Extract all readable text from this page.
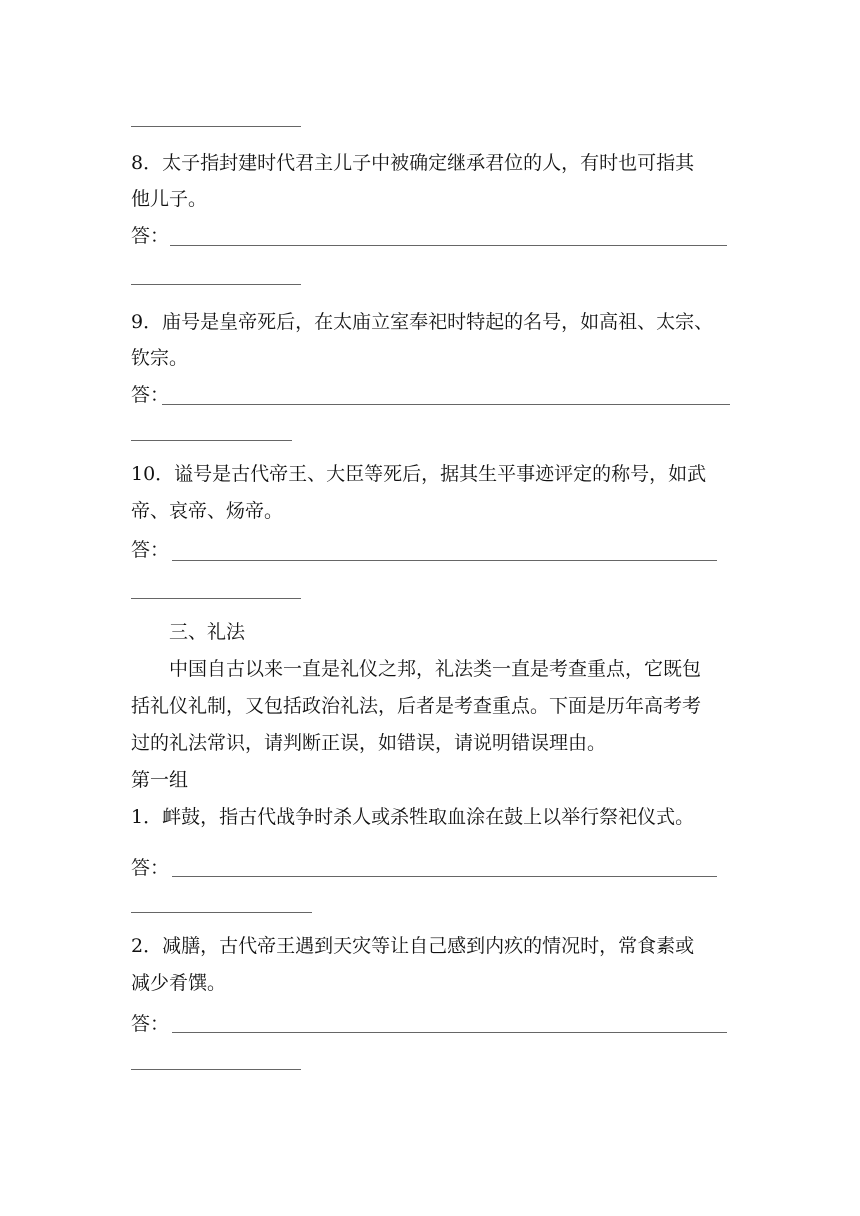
8．太子指封建时代君主儿子中被确定继承君位的人，有时也可指其

他儿子。

答：

9．庙号是皇帝死后，在太庙立室奉祀时特起的名号，如高祖、太宗、

钦宗。

答：

10．谥号是古代帝王、大臣等死后，据其生平事迹评定的称号，如武

帝、哀帝、炀帝。

答：

三、礼法

中国自古以来一直是礼仪之邦，礼法类一直是考查重点，它既包

括礼仪礼制，又包括政治礼法，后者是考查重点。下面是历年高考考

过的礼法常识，请判断正误，如错误，请说明错误理由。

第一组

1．衅鼓，指古代战争时杀人或杀牲取血涂在鼓上以举行祭祀仪式。

答：

2．减膳，古代帝王遇到天灾等让自己感到内疚的情况时，常食素或

减少肴馔。

答：
